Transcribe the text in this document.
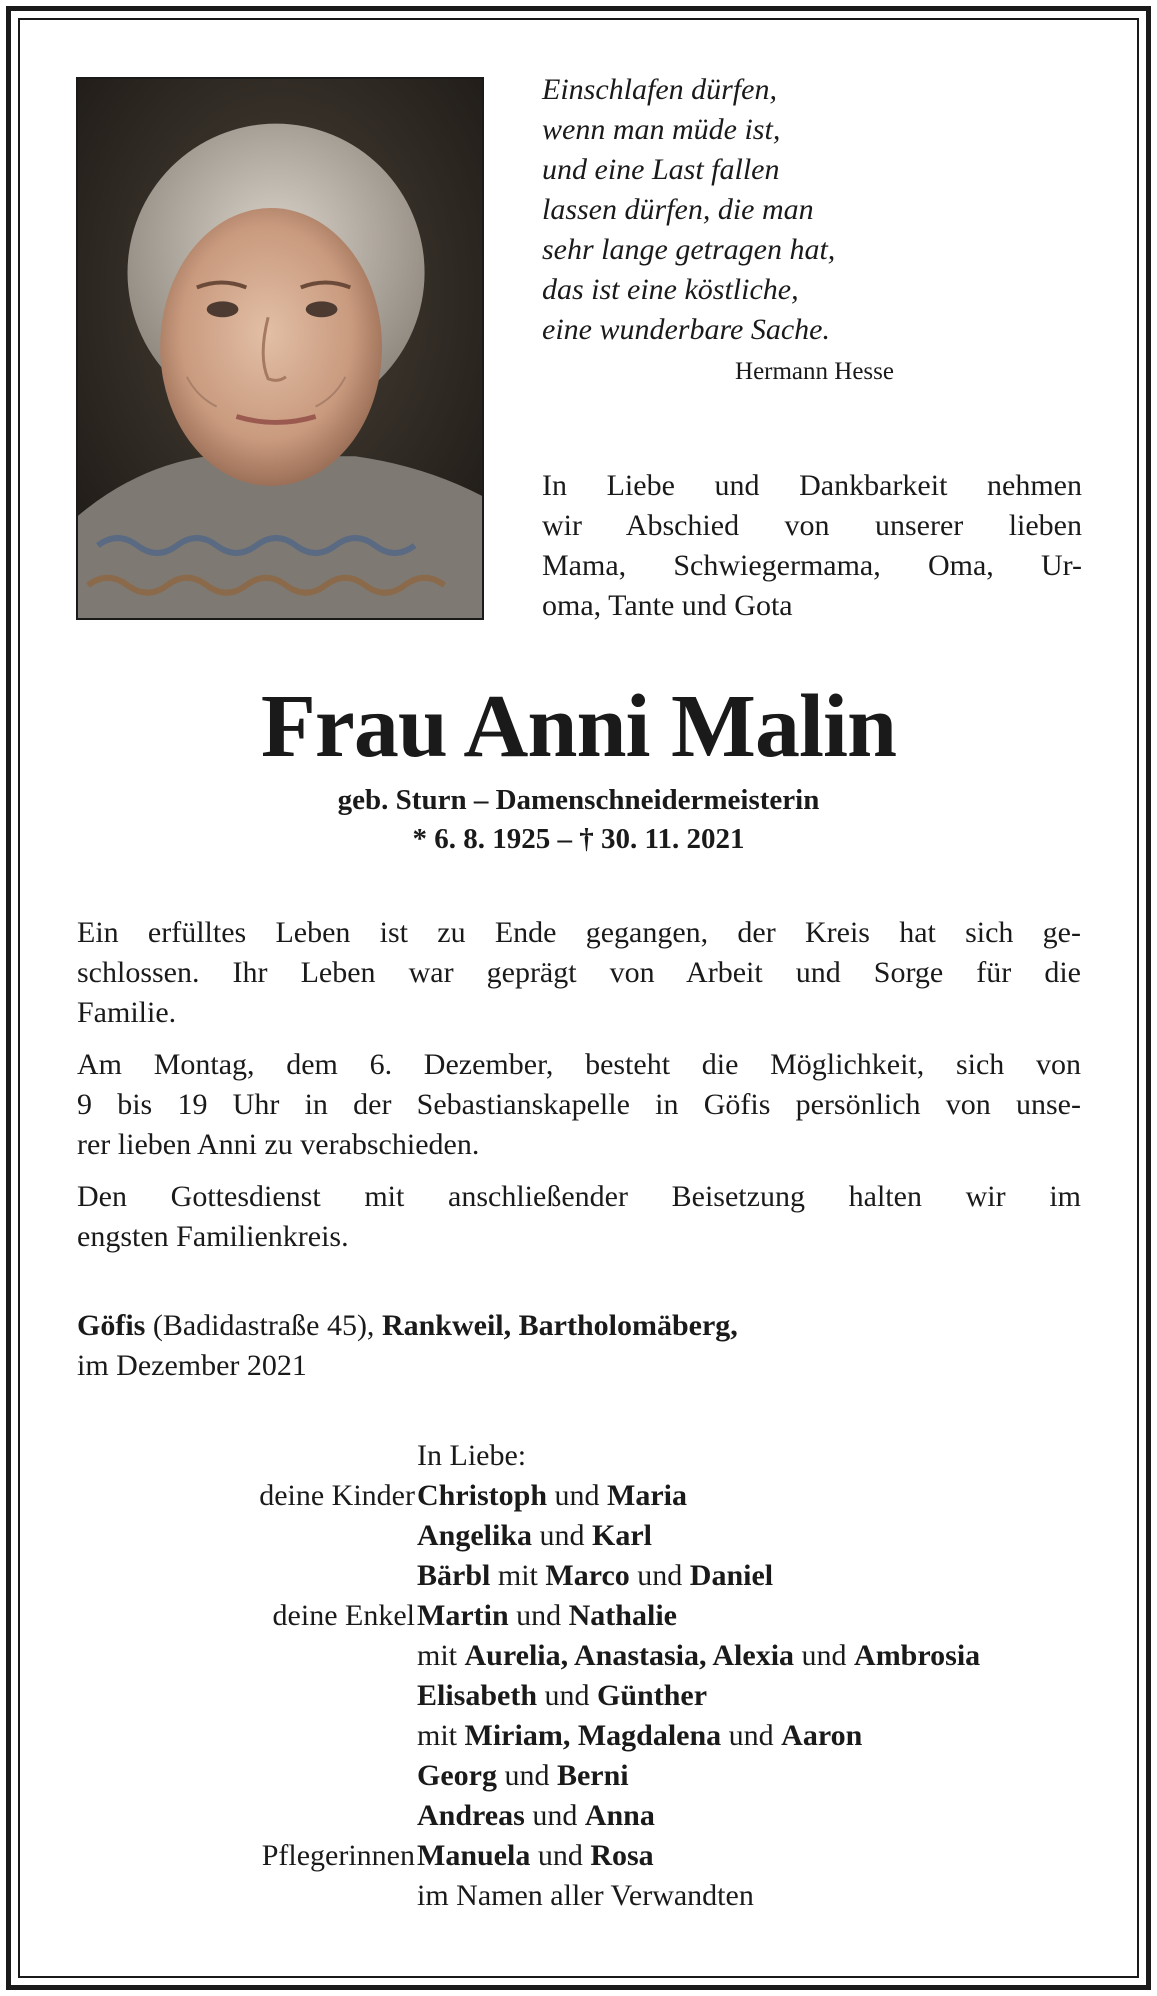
Einschlafen dürfen,
wenn man müde ist,
und eine Last fallen
lassen dürfen, die man
sehr lange getragen hat,
das ist eine köstliche,
eine wunderbare Sache.
Hermann Hesse
In Liebe und Dankbarkeit nehmen
wir Abschied von unserer lieben
Mama, Schwiegermama, Oma, Ur-
oma, Tante und Gota
Frau Anni Malin
geb. Sturn – Damenschneidermeisterin
* 6. 8. 1925 – † 30. 11. 2021
Ein erfülltes Leben ist zu Ende gegangen, der Kreis hat sich ge-
schlossen. Ihr Leben war geprägt von Arbeit und Sorge für die
Familie.
Am Montag, dem 6. Dezember, besteht die Möglichkeit, sich von
9 bis 19 Uhr in der Sebastianskapelle in Göfis persönlich von unse-
rer lieben Anni zu verabschieden.
Den Gottesdienst mit anschließender Beisetzung halten wir im
engsten Familienkreis.
Göfis (Badidastraße 45), Rankweil, Bartholomäberg,
im Dezember 2021
In Liebe:
deine Kinder Christoph und Maria
Angelika und Karl
Bärbl mit Marco und Daniel
deine Enkel Martin und Nathalie
mit Aurelia, Anastasia, Alexia und Ambrosia
Elisabeth und Günther
mit Miriam, Magdalena und Aaron
Georg und Berni
Andreas und Anna
Pflegerinnen Manuela und Rosa
im Namen aller Verwandten
